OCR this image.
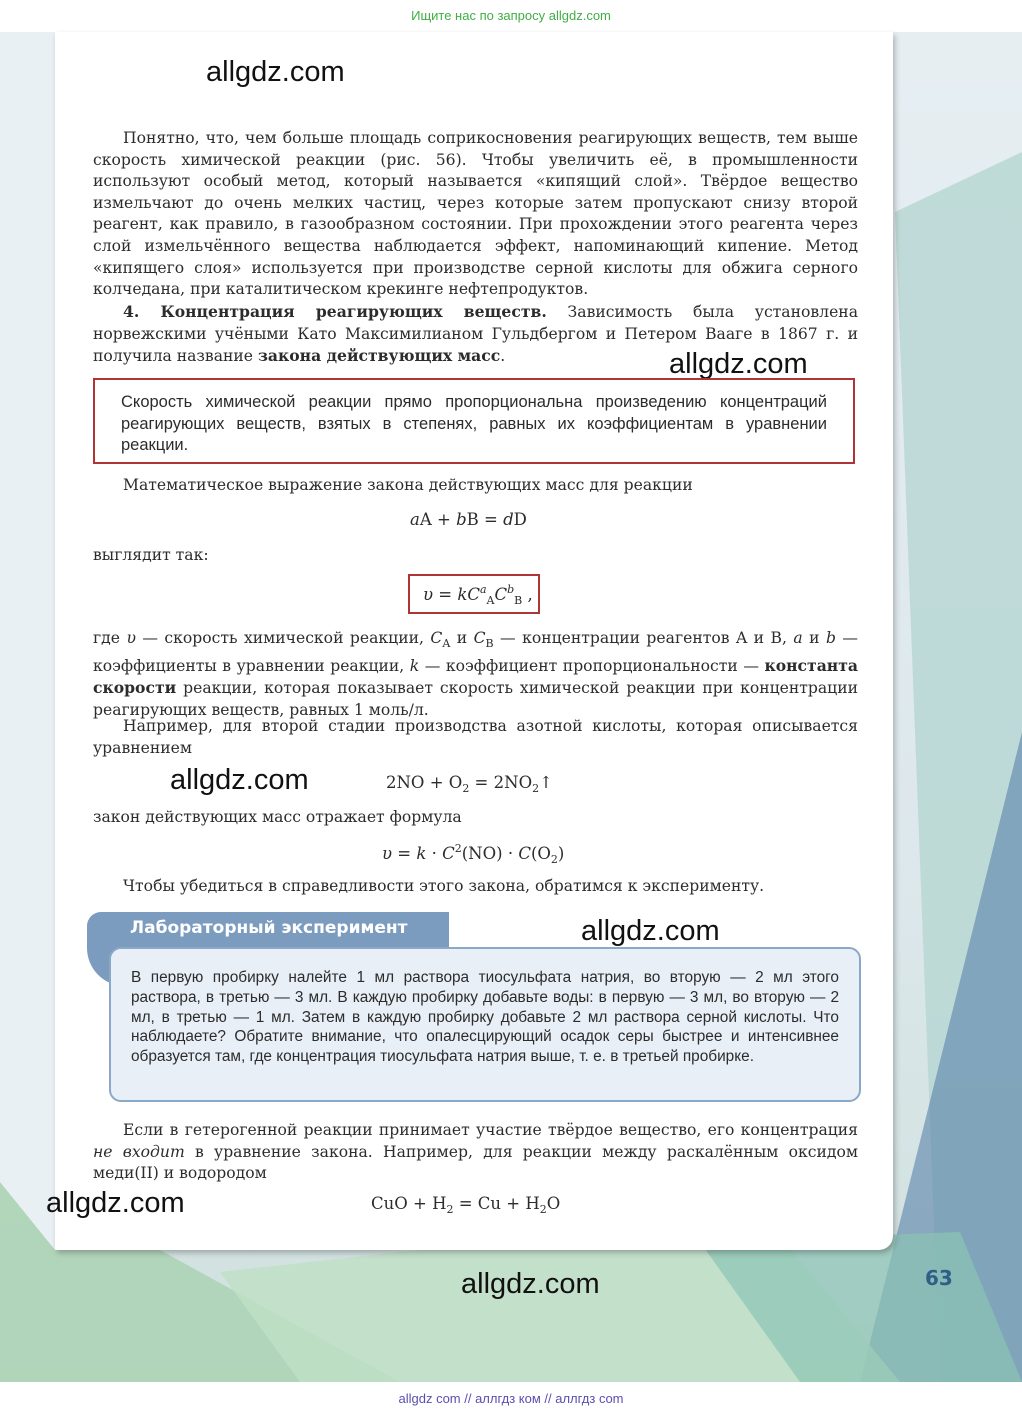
Ищите нас по запросу allgdz.com
allgdz.com

Понятно, что, чем больше площадь соприкосновения реагирующих веществ, тем выше скорость химической реакции (рис. 56). Чтобы увеличить её, в промышленности используют особый метод, который называется «кипящий слой». Твёрдое вещество измельчают до очень мелких частиц, через которые затем пропускают снизу второй реагент, как правило, в газообразном состоянии. При прохождении этого реагента через слой измельчённого вещества наблюдается эффект, напоминающий кипение. Метод «кипящего слоя» используется при производстве серной кислоты для обжига серного колчедана, при каталитическом крекинге нефтепродуктов.

4. Концентрация реагирующих веществ. Зависимость была установлена норвежскими учёными Като Максимилианом Гульдбергом и Петером Вааге в 1867 г. и получила название закона действующих масс.	allgdz.com
Скорость химической реакции прямо пропорциональна произведению концентраций реагирующих веществ, взятых в степенях, равных их коэффициентам в уравнении реакции.

Математическое выражение закона действующих масс для реакции

aA + bB = dD

выглядит так:

$\upsilon = kC^a_AC^b_B$ ,

где υ — скорость химической реакции, $C_A$ и $C_B$ — концентрации реагентов A и B, a и b — коэффициенты в уравнении реакции, k — коэффициент пропорциональности — константа скорости реакции, которая показывает скорость химической реакции при концентрации реагирующих веществ, равных 1 моль/л.

Например, для второй стадии производства азотной кислоты, которая описывается уравнением

allgdz.com	$2NO + O_2$ = $2NO_2↑$

закон действующих масс отражает формула

$\upsilon = k \cdot C^2(NO) \cdot C(O_2)$

Чтобы убедиться в справедливости этого закона, обратимся к эксперименту.

Лабораторный эксперимент	allgdz.com
В первую пробирку налейте 1 мл раствора тиосульфата натрия, во вторую — 2 мл этого раствора, в третью — 3 мл. В каждую пробирку добавьте воды: в первую — 3 мл, во вторую — 2 мл, в третью — 1 мл. Затем в каждую пробирку добавьте 2 мл раствора серной кислоты. Что наблюдаете? Обратите внимание, что опалесцирующий осадок серы быстрее и интенсивнее образуется там, где концентрация тиосульфата натрия выше, т. е. в третьей пробирке.

Если в гетерогенной реакции принимает участие твёрдое вещество, его концентрация не входит в уравнение закона. Например, для реакции между раскалённым оксидом меди(II) и водородом

allgdz.com	CuO + $H_2 = Cu + H_2O$
63
allgdz.com
allgdz com // аллгдз ком // аллгдз com
